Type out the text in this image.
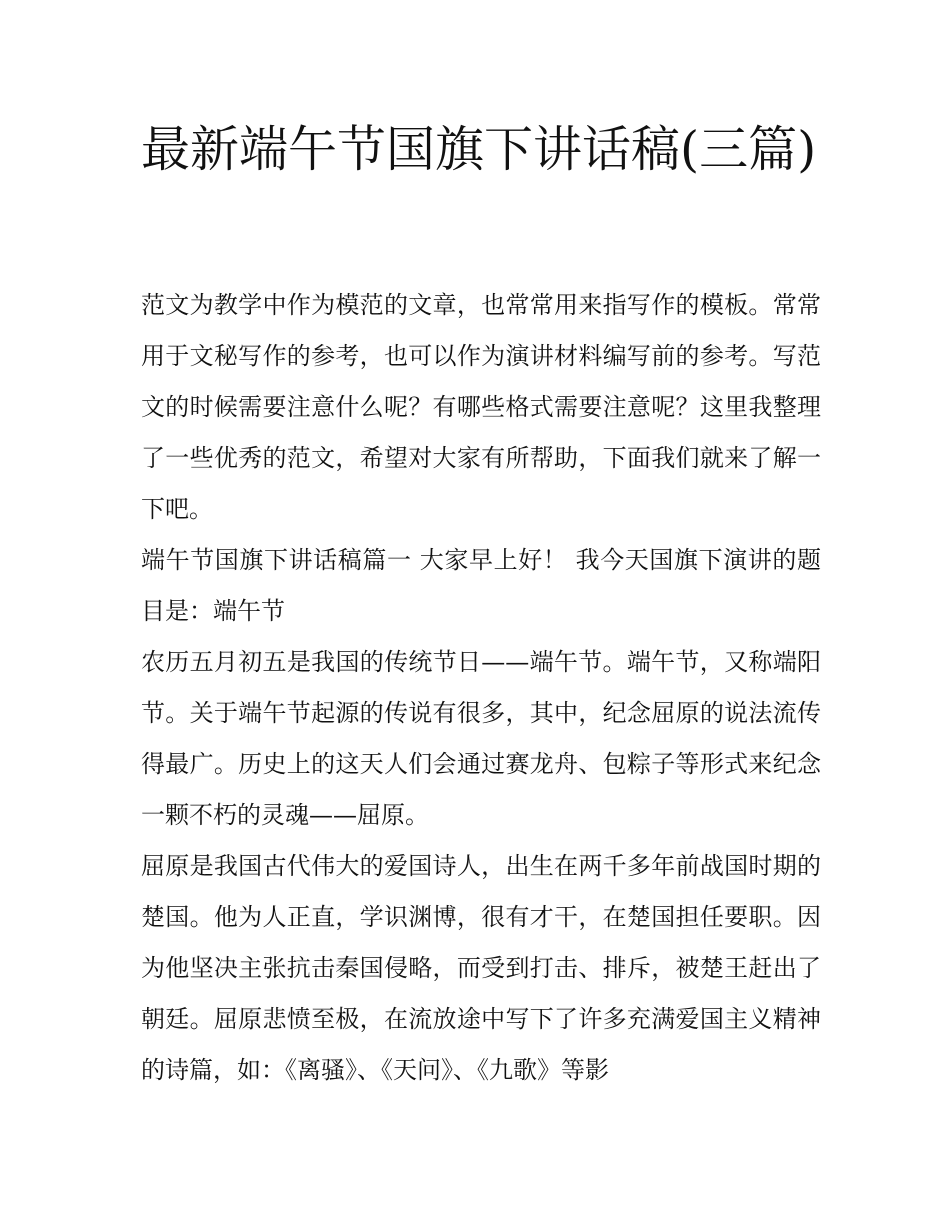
最新端午节国旗下讲话稿(三篇)

范文为教学中作为模范的文章，也常常用来指写作的模板。常常用于文秘写作的参考，也可以作为演讲材料编写前的参考。写范文的时候需要注意什么呢？有哪些格式需要注意呢？这里我整理了一些优秀的范文，希望对大家有所帮助，下面我们就来了解一下吧。

端午节国旗下讲话稿篇一 大家早上好！ 我今天国旗下演讲的题目是：端午节

农历五月初五是我国的传统节日——端午节。端午节，又称端阳节。关于端午节起源的传说有很多，其中，纪念屈原的说法流传得最广。历史上的这天人们会通过赛龙舟、包粽子等形式来纪念一颗不朽的灵魂——屈原。

屈原是我国古代伟大的爱国诗人，出生在两千多年前战国时期的楚国。他为人正直，学识渊博，很有才干，在楚国担任要职。因为他坚决主张抗击秦国侵略，而受到打击、排斥，被楚王赶出了朝廷。屈原悲愤至极，在流放途中写下了许多充满爱国主义精神的诗篇，如：《离骚》、《天问》、《九歌》等影
